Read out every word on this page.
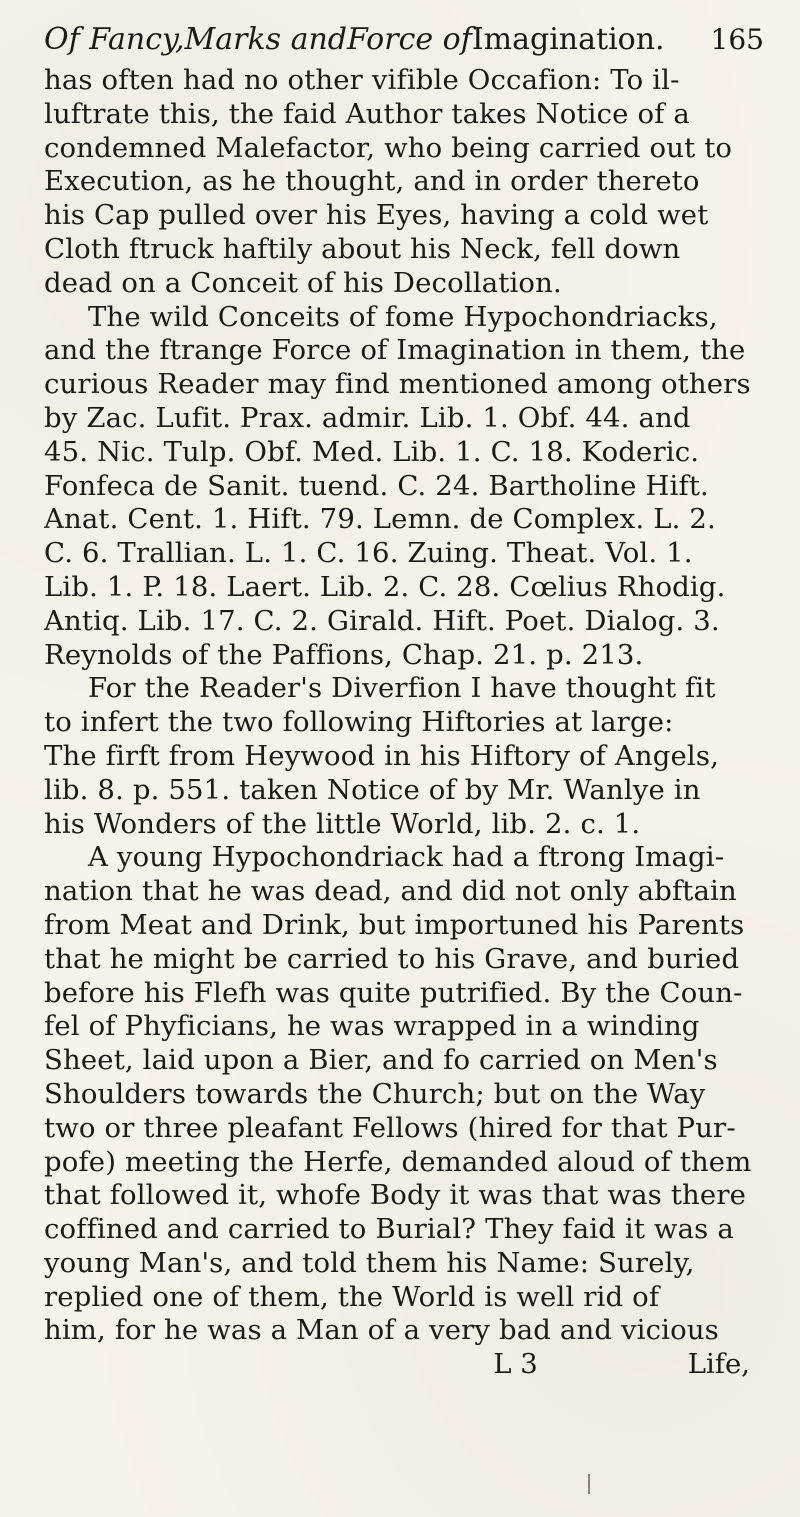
Of Fancy,Marks andForce ofImagination. 165
has often had no other vifible Occafion: To il-
luftrate this, the faid Author takes Notice of a
condemned Malefactor, who being carried out to
Execution, as he thought, and in order thereto
his Cap pulled over his Eyes, having a cold wet
Cloth ftruck haftily about his Neck, fell down
dead on a Conceit of his Decollation.
The wild Conceits of fome Hypochondriacks,
and the ftrange Force of Imagination in them, the
curious Reader may find mentioned among others
by Zac. Lufit. Prax. admir. Lib. 1. Obf. 44. and
45. Nic. Tulp. Obf. Med. Lib. 1. C. 18. Koderic.
Fonfeca de Sanit. tuend. C. 24. Bartholine Hift.
Anat. Cent. 1. Hift. 79. Lemn. de Complex. L. 2.
C. 6. Trallian. L. 1. C. 16. Zuing. Theat. Vol. 1.
Lib. 1. P. 18. Laert. Lib. 2. C. 28. Cœlius Rhodig.
Antiq. Lib. 17. C. 2. Girald. Hift. Poet. Dialog. 3.
Reynolds of the Paffions, Chap. 21. p. 213.
For the Reader's Diverfion I have thought fit
to infert the two following Hiftories at large:
The firft from Heywood in his Hiftory of Angels,
lib. 8. p. 551. taken Notice of by Mr. Wanlye in
his Wonders of the little World, lib. 2. c. 1.
A young Hypochondriack had a ftrong Imagi-
nation that he was dead, and did not only abftain
from Meat and Drink, but importuned his Parents
that he might be carried to his Grave, and buried
before his Flefh was quite putrified. By the Coun-
fel of Phyficians, he was wrapped in a winding
Sheet, laid upon a Bier, and fo carried on Men's
Shoulders towards the Church; but on the Way
two or three pleafant Fellows (hired for that Pur-
pofe) meeting the Herfe, demanded aloud of them
that followed it, whofe Body it was that was there
coffined and carried to Burial? They faid it was a
young Man's, and told them his Name: Surely,
replied one of them, the World is well rid of
him, for he was a Man of a very bad and vicious
L 3	Life,
